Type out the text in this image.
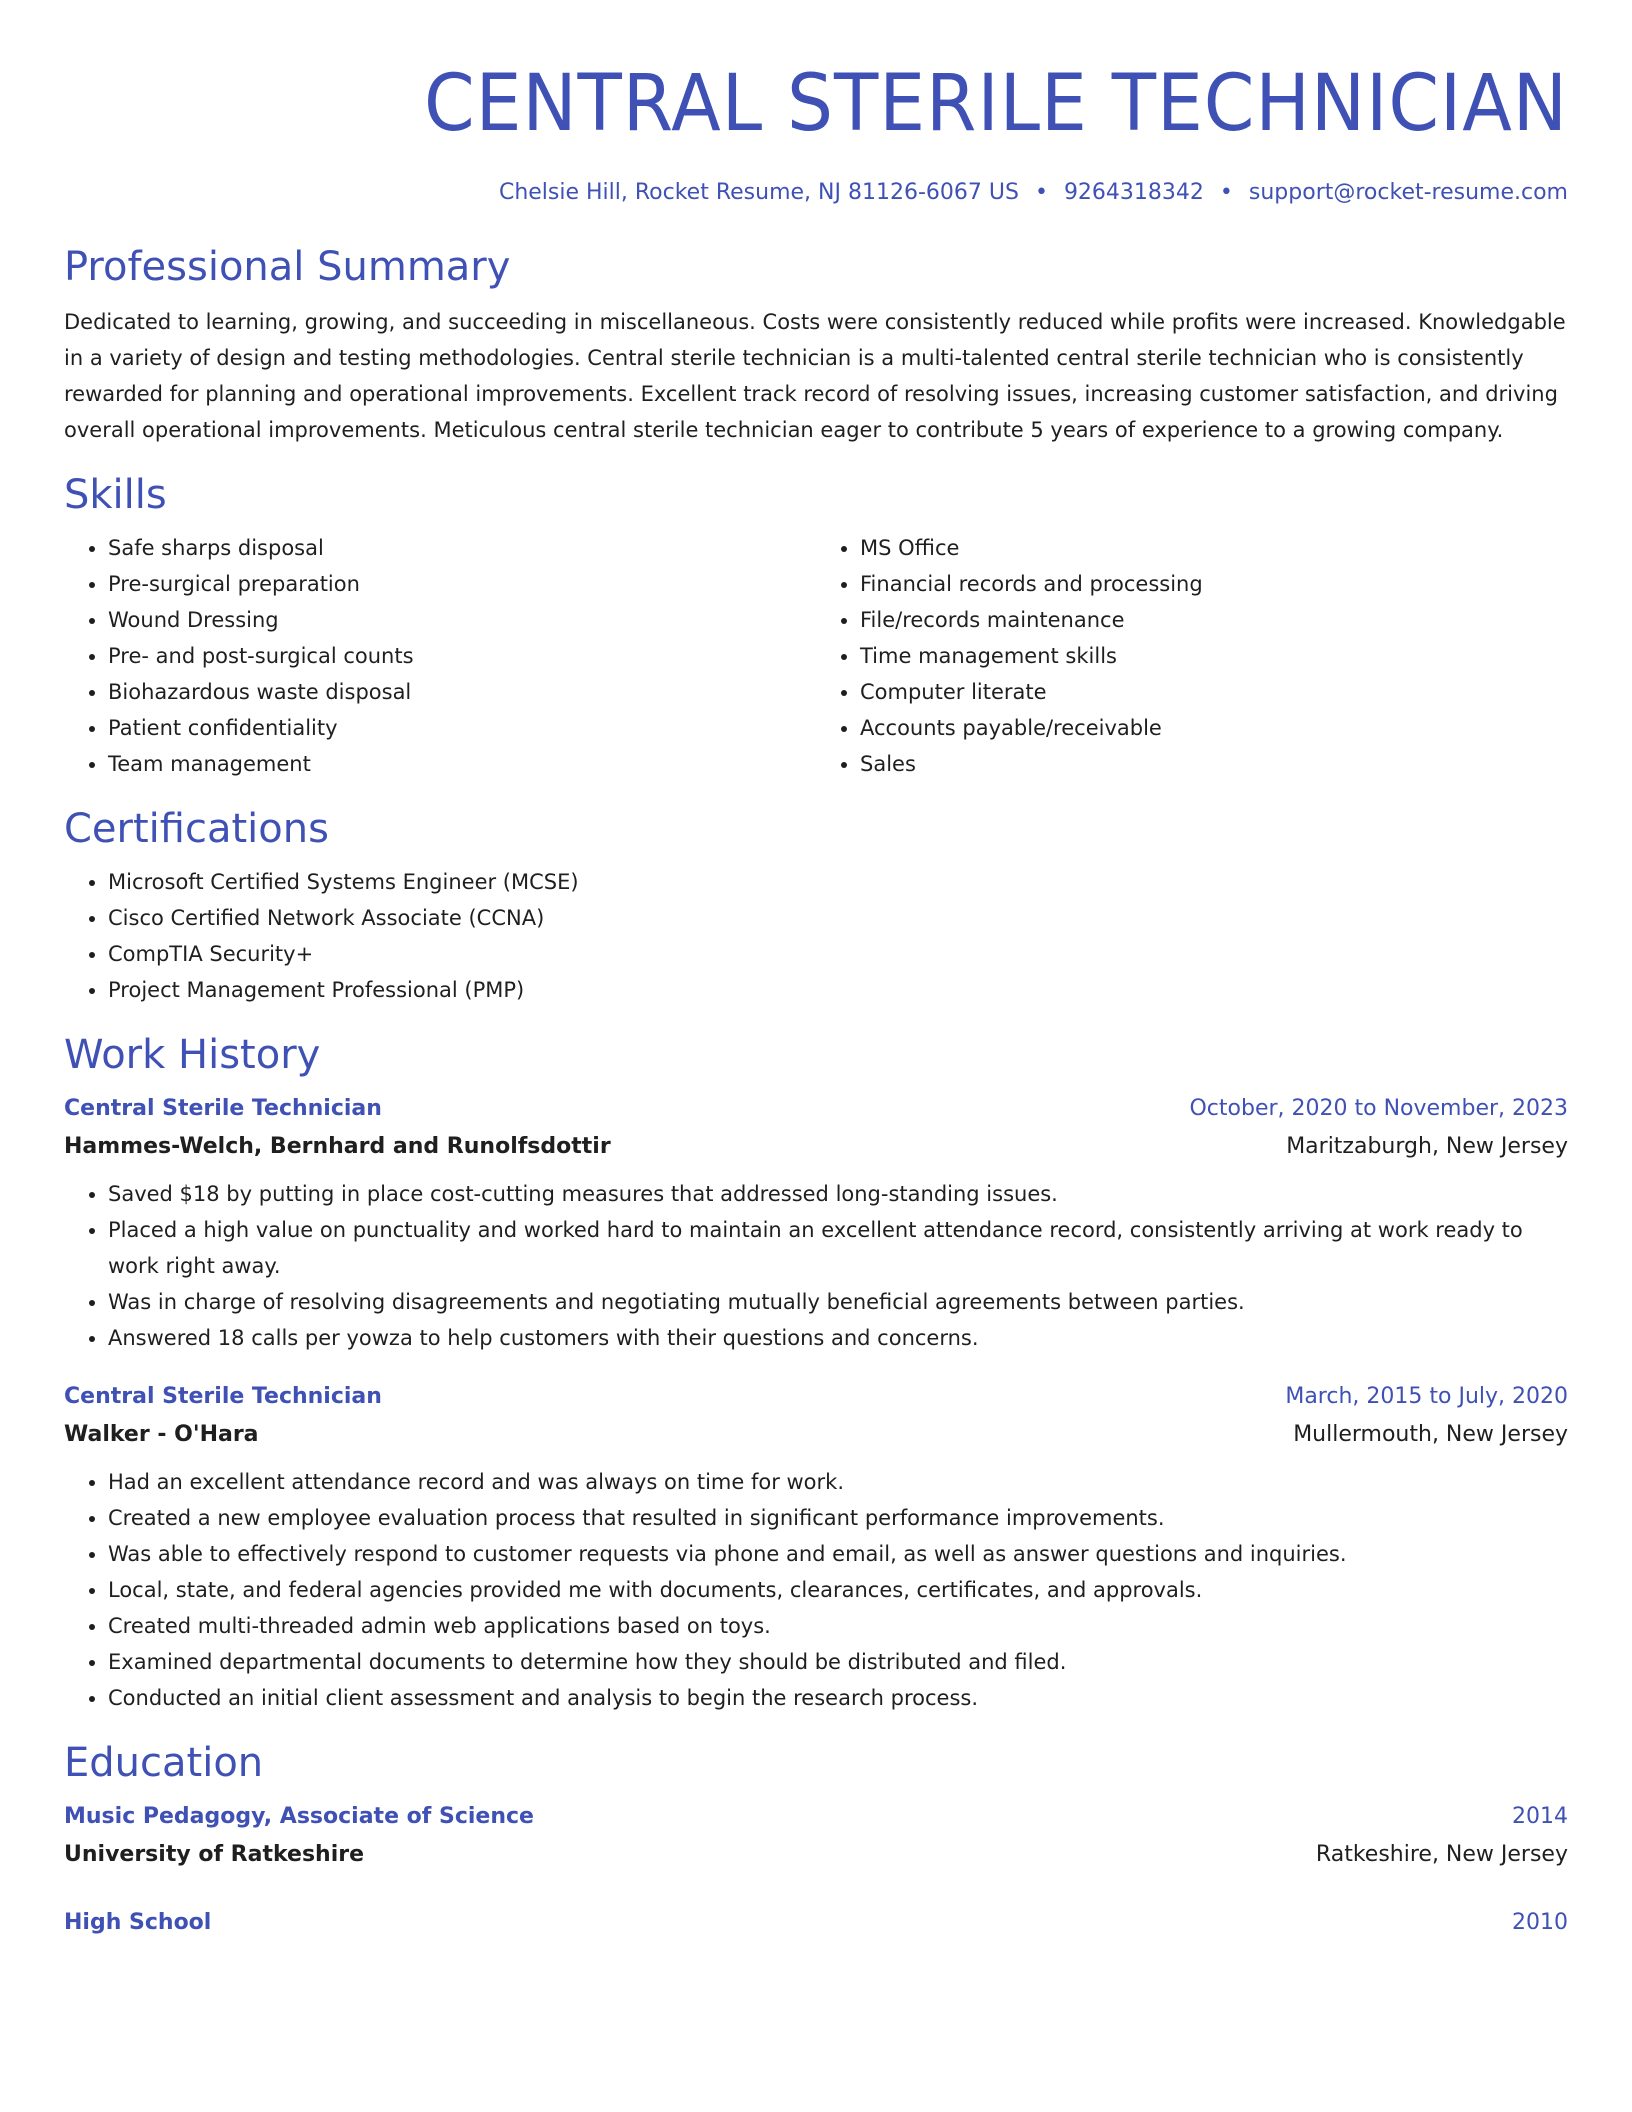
CENTRAL STERILE TECHNICIAN
Chelsie Hill, Rocket Resume, NJ 81126-6067 US • 9264318342 • support@rocket-resume.com
Professional Summary

Dedicated to learning, growing, and succeeding in miscellaneous. Costs were consistently reduced while profits were increased. Knowledgable in a variety of design and testing methodologies. Central sterile technician is a multi-talented central sterile technician who is consistently rewarded for planning and operational improvements. Excellent track record of resolving issues, increasing customer satisfaction, and driving overall operational improvements. Meticulous central sterile technician eager to contribute 5 years of experience to a growing company.

Skills
• Safe sharps disposal
• Pre-surgical preparation
• Wound Dressing
• Pre- and post-surgical counts
• Biohazardous waste disposal
• Patient confidentiality
• Team management
• MS Office
• Financial records and processing
• File/records maintenance
• Time management skills
• Computer literate
• Accounts payable/receivable
• Sales
Certifications
• Microsoft Certified Systems Engineer (MCSE)
• Cisco Certified Network Associate (CCNA)
• CompTIA Security+
• Project Management Professional (PMP)
Work History
Central Sterile Technician	October, 2020 to November, 2023
Hammes-Welch, Bernhard and Runolfsdottir	Maritzaburgh, New Jersey
• Saved $18 by putting in place cost-cutting measures that addressed long-standing issues.
• Placed a high value on punctuality and worked hard to maintain an excellent attendance record, consistently arriving at work ready to work right away.
• Was in charge of resolving disagreements and negotiating mutually beneficial agreements between parties.
• Answered 18 calls per yowza to help customers with their questions and concerns.
Central Sterile Technician	March, 2015 to July, 2020
Walker - O'Hara	Mullermouth, New Jersey
• Had an excellent attendance record and was always on time for work.
• Created a new employee evaluation process that resulted in significant performance improvements.
• Was able to effectively respond to customer requests via phone and email, as well as answer questions and inquiries.
• Local, state, and federal agencies provided me with documents, clearances, certificates, and approvals.
• Created multi-threaded admin web applications based on toys.
• Examined departmental documents to determine how they should be distributed and filed.
• Conducted an initial client assessment and analysis to begin the research process.
Education
Music Pedagogy, Associate of Science	2014
University of Ratkeshire	Ratkeshire, New Jersey
High School	2010
